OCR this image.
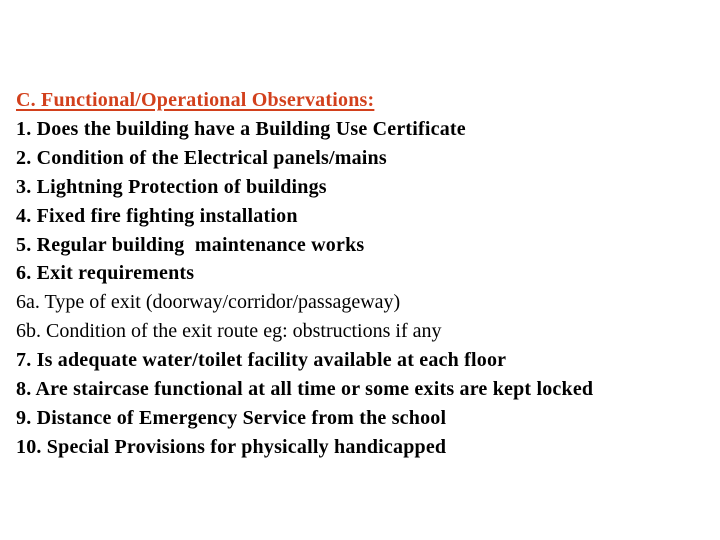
C. Functional/Operational Observations:
1. Does the building have a Building Use Certificate
2. Condition of the Electrical panels/mains
3. Lightning Protection of buildings
4. Fixed fire fighting installation
5. Regular building  maintenance works
6. Exit requirements
6a. Type of exit (doorway/corridor/passageway)
6b. Condition of the exit route eg: obstructions if any
7. Is adequate water/toilet facility available at each floor
8. Are staircase functional at all time or some exits are kept locked
9. Distance of Emergency Service from the school
10. Special Provisions for physically handicapped
